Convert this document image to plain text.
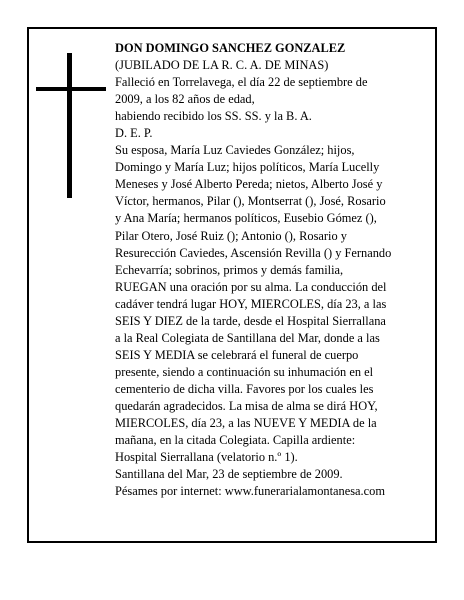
DON DOMINGO SANCHEZ GONZALEZ
(JUBILADO DE LA R. C. A. DE MINAS)
Falleció en Torrelavega, el día 22 de septiembre de
2009, a los 82 años de edad,
habiendo recibido los SS. SS. y la B. A.
D. E. P.
Su esposa, María Luz Caviedes González; hijos,
Domingo y María Luz; hijos políticos, María Lucelly
Meneses y José Alberto Pereda; nietos, Alberto José y
Víctor, hermanos, Pilar (), Montserrat (), José, Rosario
y Ana María; hermanos políticos, Eusebio Gómez (),
Pilar Otero, José Ruiz (); Antonio (), Rosario y
Resurección Caviedes, Ascensión Revilla () y Fernando
Echevarría; sobrinos, primos y demás familia,
RUEGAN una oración por su alma. La conducción del
cadáver tendrá lugar HOY, MIERCOLES, día 23, a las
SEIS Y DIEZ de la tarde, desde el Hospital Sierrallana
a la Real Colegiata de Santillana del Mar, donde a las
SEIS Y MEDIA se celebrará el funeral de cuerpo
presente, siendo a continuación su inhumación en el
cementerio de dicha villa. Favores por los cuales les
quedarán agradecidos. La misa de alma se dirá HOY,
MIERCOLES, día 23, a las NUEVE Y MEDIA de la
mañana, en la citada Colegiata. Capilla ardiente:
Hospital Sierrallana (velatorio n.º 1).
Santillana del Mar, 23 de septiembre de 2009.
Pésames por internet: www.funerarialamontanesa.com
